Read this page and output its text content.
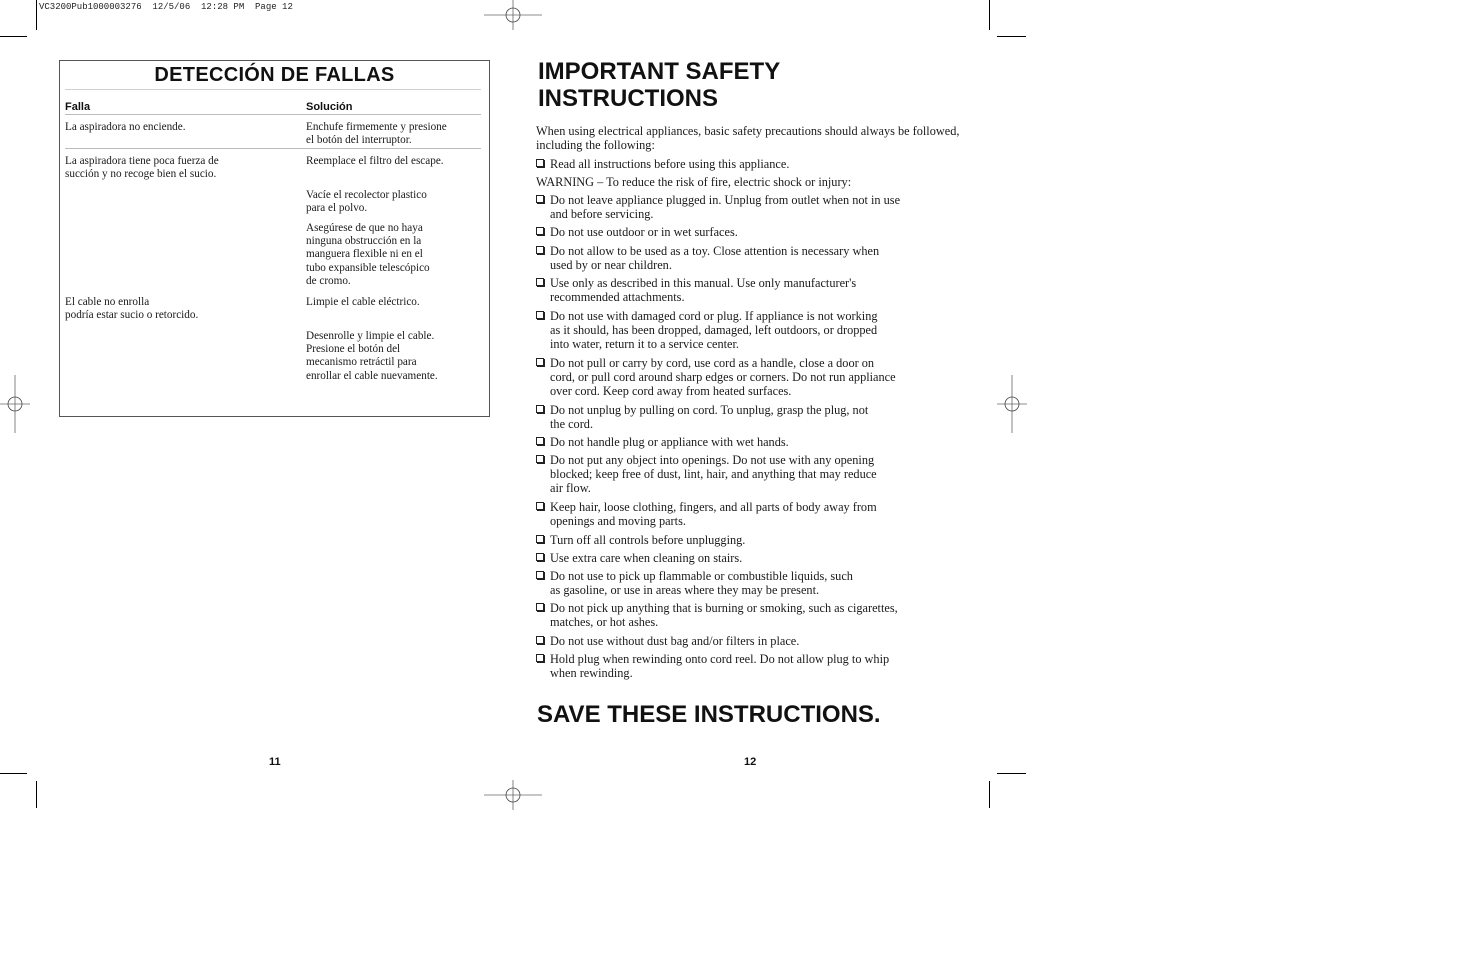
VC3200Pub1000003276  12/5/06  12:28 PM  Page 12
DETECCIÓN DE FALLAS
Falla	Solución
La aspiradora no enciende.	Enchufe firmemente y presione
el botón del interruptor.
La aspiradora tiene poca fuerza de
succión y no recoge bien el sucio.
Reemplace el filtro del escape.
Vacíe el recolector plastico
para el polvo.
Asegúrese de que no haya
ninguna obstrucción en la
manguera flexible ni en el
tubo expansible telescópico
de cromo.
El cable no enrolla
podría estar sucio o retorcido.
Limpie el cable eléctrico.
Desenrolle y limpie el cable.
Presione el botón del
mecanismo retráctil para
enrollar el cable nuevamente.
11
IMPORTANT SAFETY INSTRUCTIONS
When using electrical appliances, basic safety precautions should always be followed, including the following:
Read all instructions before using this appliance.
WARNING – To reduce the risk of fire, electric shock or injury:
Do not leave appliance plugged in. Unplug from outlet when not in use
and before servicing.
Do not use outdoor or in wet surfaces.
Do not allow to be used as a toy. Close attention is necessary when
used by or near children.
Use only as described in this manual. Use only manufacturer's
recommended attachments.
Do not use with damaged cord or plug. If appliance is not working
as it should, has been dropped, damaged, left outdoors, or dropped
into water, return it to a service center.
Do not pull or carry by cord, use cord as a handle, close a door on
cord, or pull cord around sharp edges or corners. Do not run appliance
over cord. Keep cord away from heated surfaces.
Do not unplug by pulling on cord. To unplug, grasp the plug, not
the cord.
Do not handle plug or appliance with wet hands.
Do not put any object into openings. Do not use with any opening
blocked; keep free of dust, lint, hair, and anything that may reduce
air flow.
Keep hair, loose clothing, fingers, and all parts of body away from
openings and moving parts.
Turn off all controls before unplugging.
Use extra care when cleaning on stairs.
Do not use to pick up flammable or combustible liquids, such
as gasoline, or use in areas where they may be present.
Do not pick up anything that is burning or smoking, such as cigarettes,
matches, or hot ashes.
Do not use without dust bag and/or filters in place.
Hold plug when rewinding onto cord reel. Do not allow plug to whip
when rewinding.
SAVE THESE INSTRUCTIONS.
12
